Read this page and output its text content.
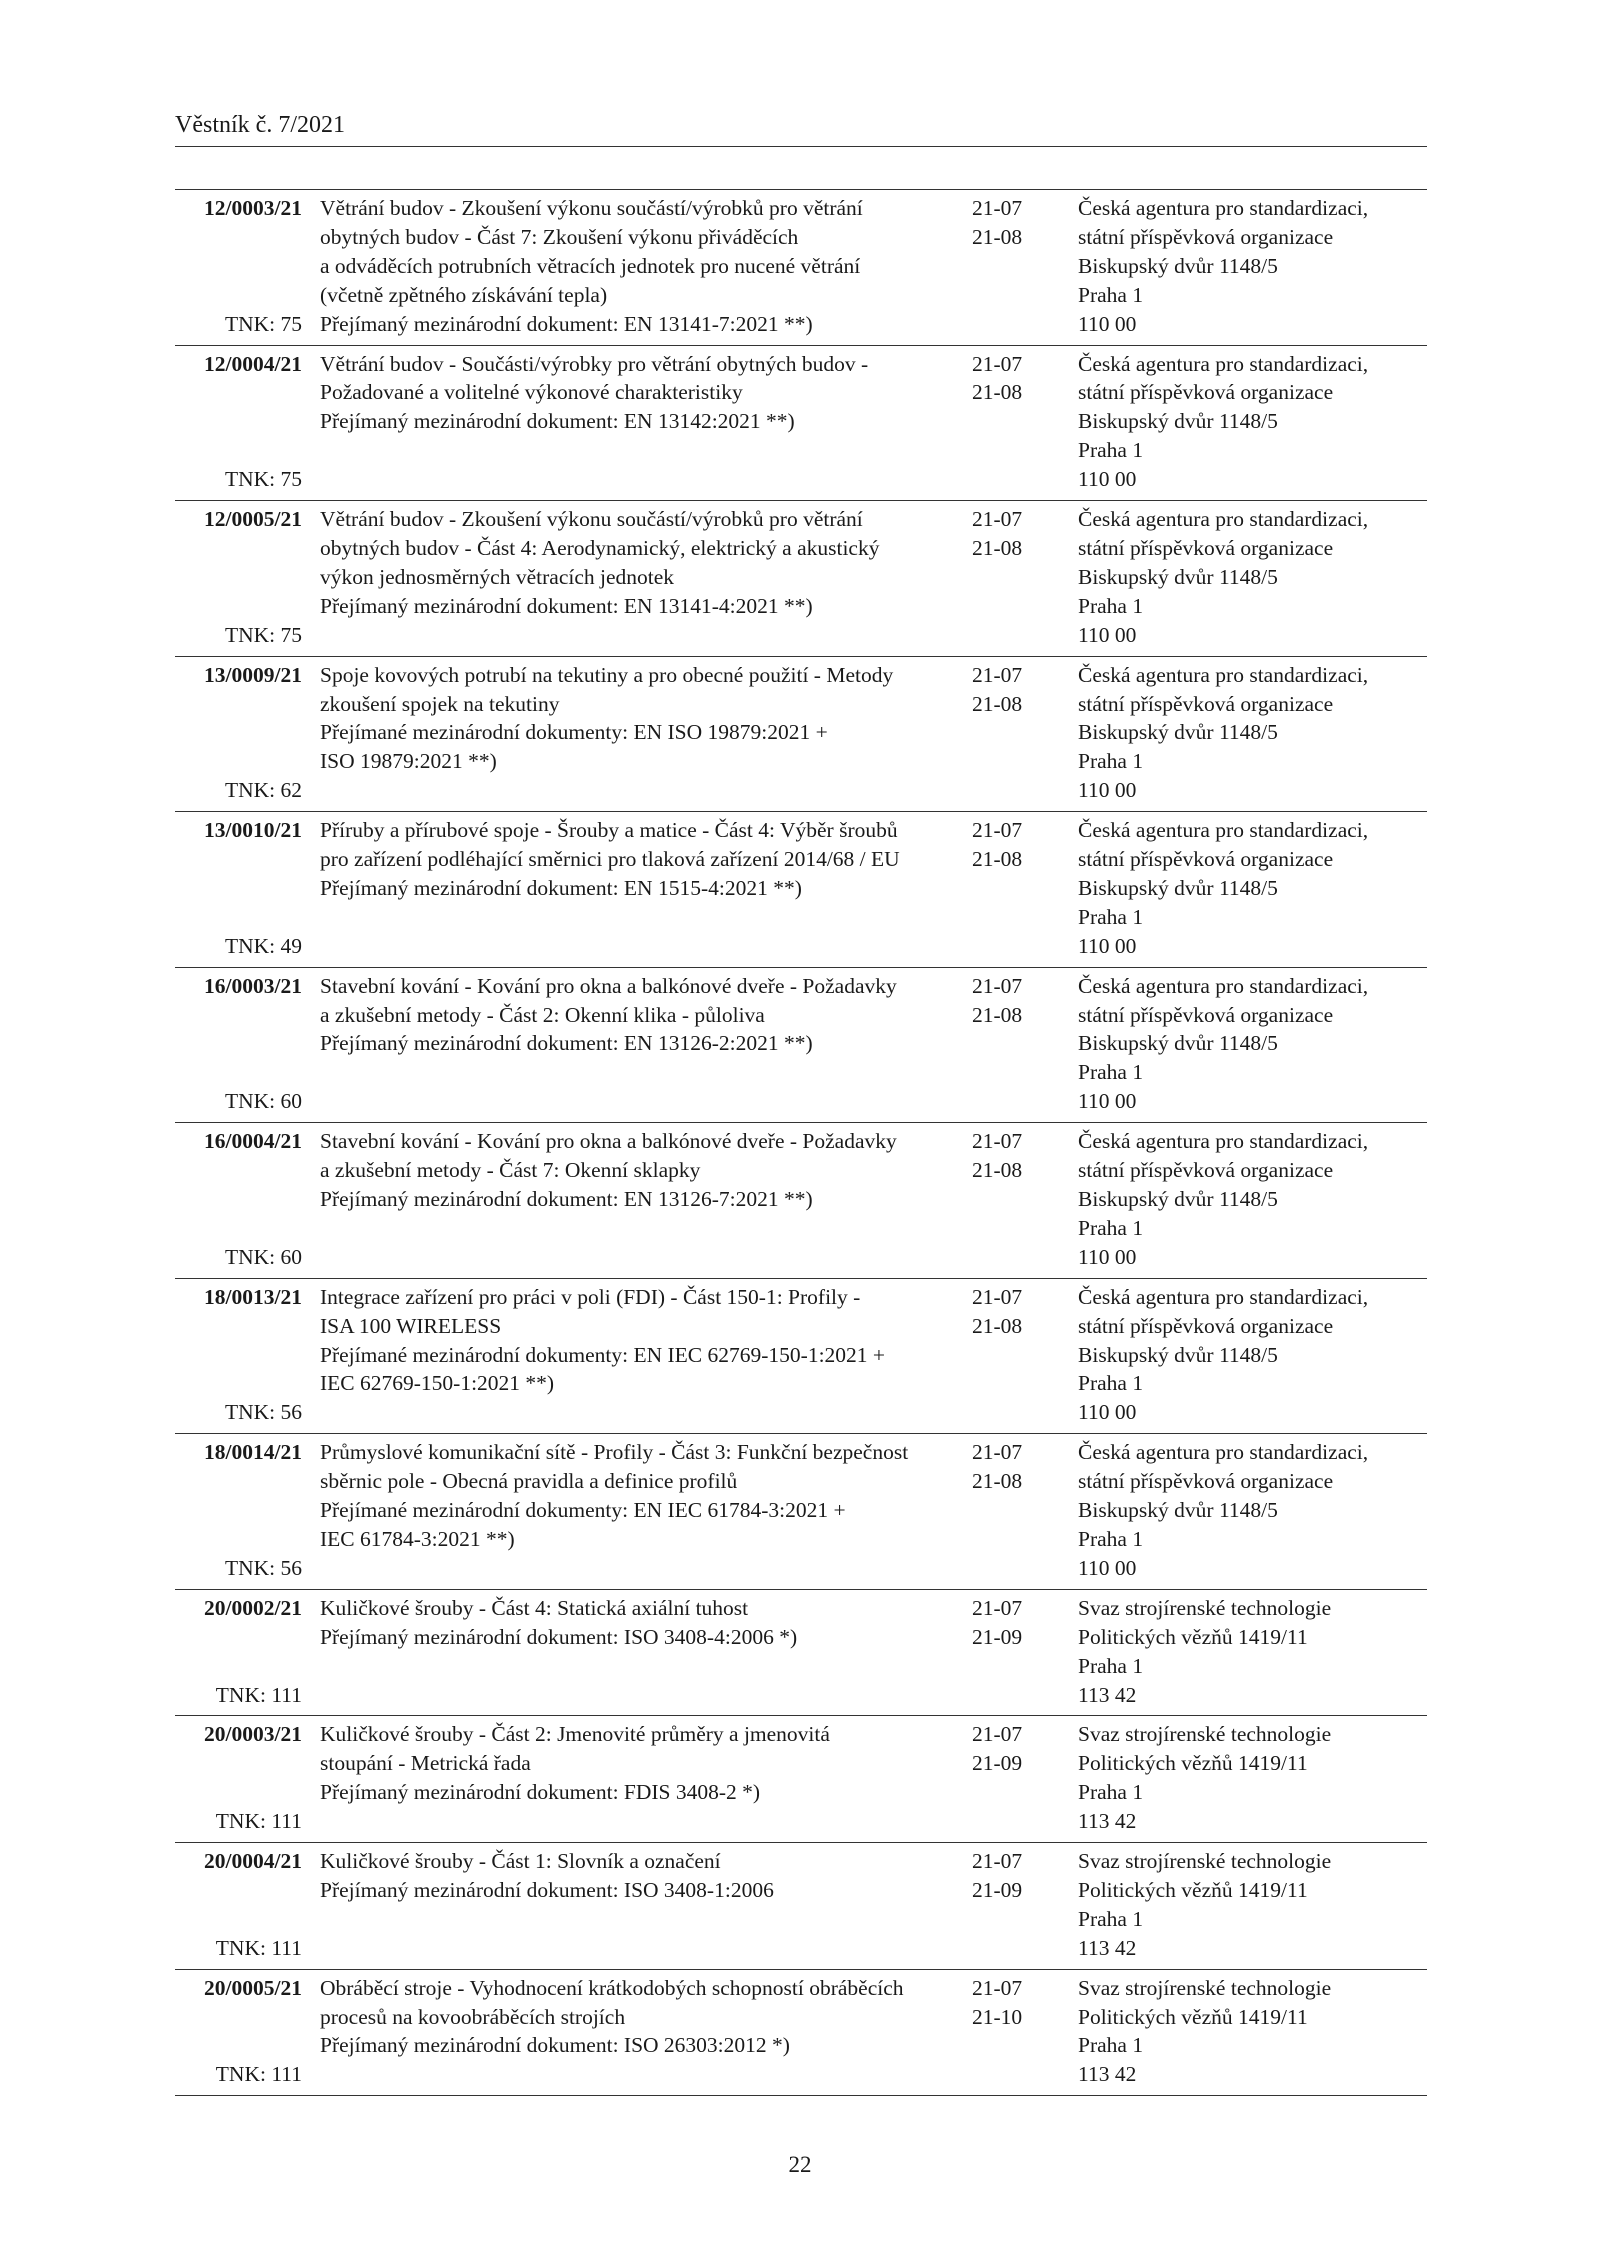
Věstník č. 7/2021
12/0003/21
TNK: 75
Větrání budov - Zkoušení výkonu součástí/výrobků pro větrání
obytných budov - Část 7: Zkoušení výkonu přiváděcích
a odváděcích potrubních větracích jednotek pro nucené větrání
(včetně zpětného získávání tepla)
Přejímaný mezinárodní dokument: EN 13141-7:2021 **)
21-07
21-08
Česká agentura pro standardizaci,
státní příspěvková organizace
Biskupský dvůr 1148/5
Praha 1
110 00
12/0004/21
TNK: 75
Větrání budov - Součásti/výrobky pro větrání obytných budov -
Požadované a volitelné výkonové charakteristiky
Přejímaný mezinárodní dokument: EN 13142:2021 **)
21-07
21-08
Česká agentura pro standardizaci,
státní příspěvková organizace
Biskupský dvůr 1148/5
Praha 1
110 00
12/0005/21
TNK: 75
Větrání budov - Zkoušení výkonu součástí/výrobků pro větrání
obytných budov - Část 4: Aerodynamický, elektrický a akustický
výkon jednosměrných větracích jednotek
Přejímaný mezinárodní dokument: EN 13141-4:2021 **)
21-07
21-08
Česká agentura pro standardizaci,
státní příspěvková organizace
Biskupský dvůr 1148/5
Praha 1
110 00
13/0009/21
TNK: 62
Spoje kovových potrubí na tekutiny a pro obecné použití - Metody
zkoušení spojek na tekutiny
Přejímané mezinárodní dokumenty: EN ISO 19879:2021 +
ISO 19879:2021 **)
21-07
21-08
Česká agentura pro standardizaci,
státní příspěvková organizace
Biskupský dvůr 1148/5
Praha 1
110 00
13/0010/21
TNK: 49
Příruby a přírubové spoje - Šrouby a matice - Část 4: Výběr šroubů
pro zařízení podléhající směrnici pro tlaková zařízení 2014/68 / EU
Přejímaný mezinárodní dokument: EN 1515-4:2021 **)
21-07
21-08
Česká agentura pro standardizaci,
státní příspěvková organizace
Biskupský dvůr 1148/5
Praha 1
110 00
16/0003/21
TNK: 60
Stavební kování - Kování pro okna a balkónové dveře - Požadavky
a zkušební metody - Část 2: Okenní klika - půloliva
Přejímaný mezinárodní dokument: EN 13126-2:2021 **)
21-07
21-08
Česká agentura pro standardizaci,
státní příspěvková organizace
Biskupský dvůr 1148/5
Praha 1
110 00
16/0004/21
TNK: 60
Stavební kování - Kování pro okna a balkónové dveře - Požadavky
a zkušební metody - Část 7: Okenní sklapky
Přejímaný mezinárodní dokument: EN 13126-7:2021 **)
21-07
21-08
Česká agentura pro standardizaci,
státní příspěvková organizace
Biskupský dvůr 1148/5
Praha 1
110 00
18/0013/21
TNK: 56
Integrace zařízení pro práci v poli (FDI) - Část 150-1: Profily -
ISA 100 WIRELESS
Přejímané mezinárodní dokumenty: EN IEC 62769-150-1:2021 +
IEC 62769-150-1:2021 **)
21-07
21-08
Česká agentura pro standardizaci,
státní příspěvková organizace
Biskupský dvůr 1148/5
Praha 1
110 00
18/0014/21
TNK: 56
Průmyslové komunikační sítě - Profily - Část 3: Funkční bezpečnost
sběrnic pole - Obecná pravidla a definice profilů
Přejímané mezinárodní dokumenty: EN IEC 61784-3:2021 +
IEC 61784-3:2021 **)
21-07
21-08
Česká agentura pro standardizaci,
státní příspěvková organizace
Biskupský dvůr 1148/5
Praha 1
110 00
20/0002/21
TNK: 111
Kuličkové šrouby - Část 4: Statická axiální tuhost
Přejímaný mezinárodní dokument: ISO 3408-4:2006 *)
21-07
21-09
Svaz strojírenské technologie
Politických vězňů 1419/11
Praha 1
113 42
20/0003/21
TNK: 111
Kuličkové šrouby - Část 2: Jmenovité průměry a jmenovitá
stoupání - Metrická řada
Přejímaný mezinárodní dokument: FDIS 3408-2 *)
21-07
21-09
Svaz strojírenské technologie
Politických vězňů 1419/11
Praha 1
113 42
20/0004/21
TNK: 111
Kuličkové šrouby - Část 1: Slovník a označení
Přejímaný mezinárodní dokument: ISO 3408-1:2006
21-07
21-09
Svaz strojírenské technologie
Politických vězňů 1419/11
Praha 1
113 42
20/0005/21
TNK: 111
Obráběcí stroje - Vyhodnocení krátkodobých schopností obráběcích
procesů na kovoobráběcích strojích
Přejímaný mezinárodní dokument: ISO 26303:2012 *)
21-07
21-10
Svaz strojírenské technologie
Politických vězňů 1419/11
Praha 1
113 42
22
